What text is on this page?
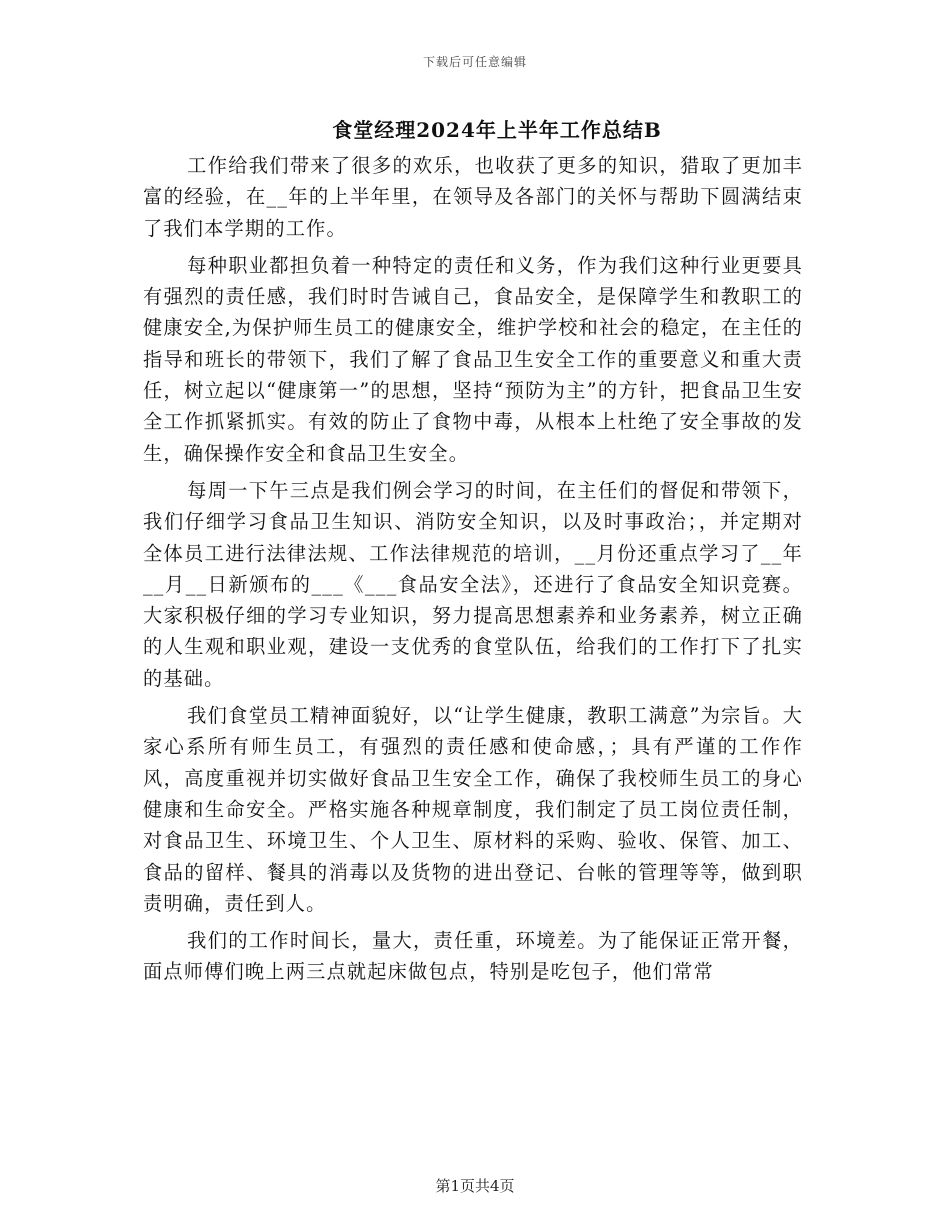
下载后可任意编辑
食堂经理2024年上半年工作总结B

工作给我们带来了很多的欢乐，也收获了更多的知识，猎取了更加丰富的经验，在__年的上半年里，在领导及各部门的关怀与帮助下圆满结束了我们本学期的工作。

每种职业都担负着一种特定的责任和义务，作为我们这种行业更要具有强烈的责任感，我们时时告诫自己，食品安全，是保障学生和教职工的健康安全,为保护师生员工的健康安全，维护学校和社会的稳定，在主任的指导和班长的带领下，我们了解了食品卫生安全工作的重要意义和重大责任，树立起以“健康第一”的思想，坚持“预防为主”的方针，把食品卫生安全工作抓紧抓实。有效的防止了食物中毒，从根本上杜绝了安全事故的发生，确保操作安全和食品卫生安全。

每周一下午三点是我们例会学习的时间，在主任们的督促和带领下，我们仔细学习食品卫生知识、消防安全知识，以及时事政治；，并定期对全体员工进行法律法规、工作法律规范的培训，__月份还重点学习了__年__月__日新颁布的___《___食品安全法》，还进行了食品安全知识竞赛。大家积极仔细的学习专业知识，努力提高思想素养和业务素养，树立正确的人生观和职业观，建设一支优秀的食堂队伍，给我们的工作打下了扎实的基础。

我们食堂员工精神面貌好，以“让学生健康，教职工满意”为宗旨。大家心系所有师生员工，有强烈的责任感和使命感，；具有严谨的工作作风，高度重视并切实做好食品卫生安全工作，确保了我校师生员工的身心健康和生命安全。严格实施各种规章制度，我们制定了员工岗位责任制，对食品卫生、环境卫生、个人卫生、原材料的采购、验收、保管、加工、食品的留样、餐具的消毒以及货物的进出登记、台帐的管理等等，做到职责明确，责任到人。

我们的工作时间长，量大，责任重，环境差。为了能保证正常开餐，面点师傅们晚上两三点就起床做包点，特别是吃包子，他们常常

第1页共4页
